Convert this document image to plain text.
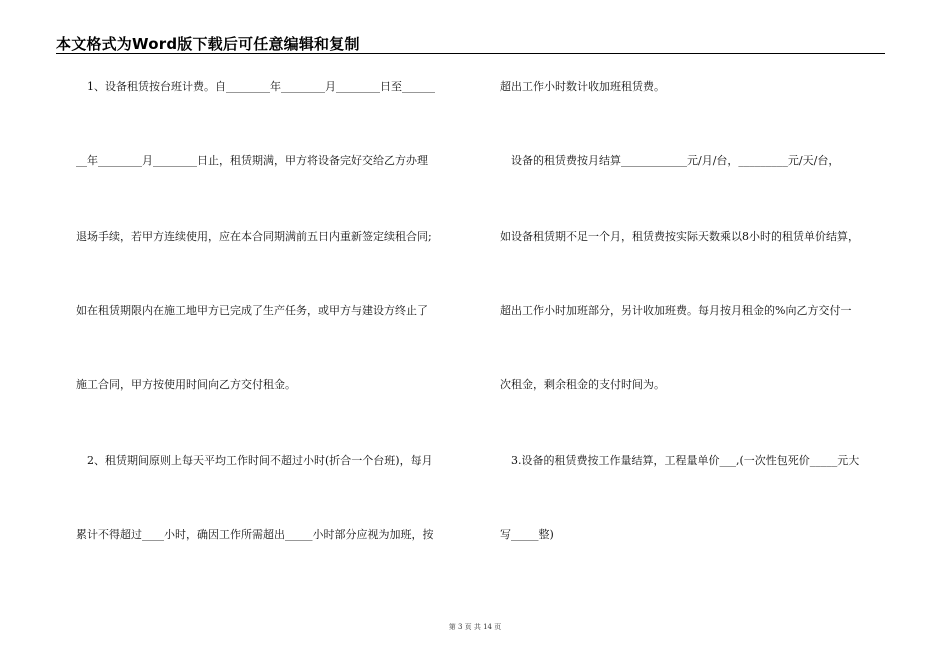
本文格式为Word版下载后可任意编辑和复制
　1、设备租赁按台班计费。自________年________月________日至______
__年________月________日止，租赁期满，甲方将设备完好交给乙方办理
退场手续，若甲方连续使用，应在本合同期满前五日内重新签定续租合同;
如在租赁期限内在施工地甲方已完成了生产任务，或甲方与建设方终止了
施工合同，甲方按使用时间向乙方交付租金。
　2、租赁期间原则上每天平均工作时间不超过小时(折合一个台班)，每月
累计不得超过____小时，确因工作所需超出_____小时部分应视为加班，按
超出工作小时数计收加班租赁费。
　设备的租赁费按月结算____________元/月/台，_________元/天/台，
如设备租赁期不足一个月，租赁费按实际天数乘以8小时的租赁单价结算，
超出工作小时加班部分，另计收加班费。每月按月租金的%向乙方交付一
次租金，剩余租金的支付时间为。
　3.设备的租赁费按工作量结算，工程量单价___,(一次性包死价_____元大
写_____整)
第 3 页 共 14 页
